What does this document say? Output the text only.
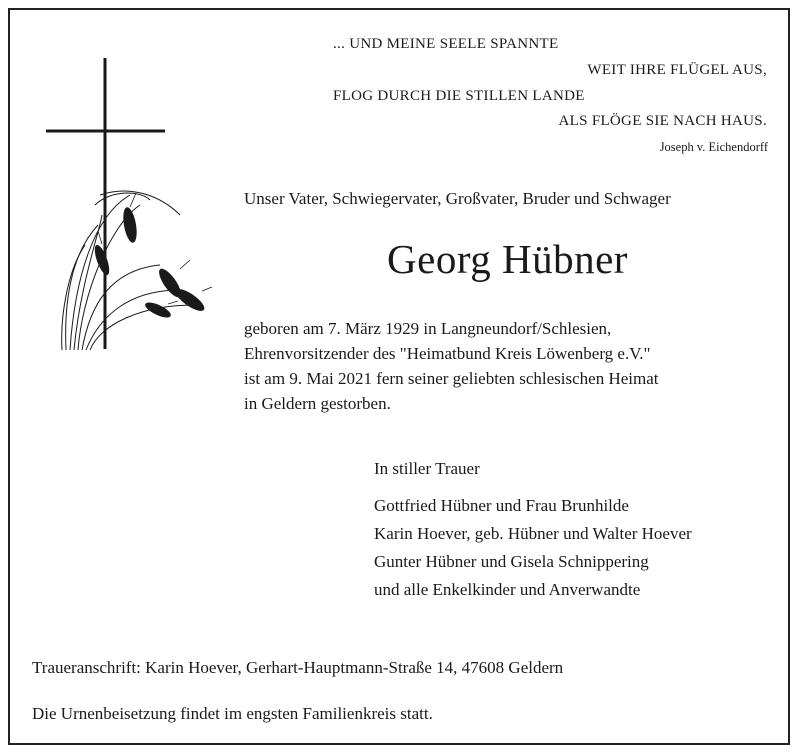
... UND MEINE SEELE SPANNTE
WEIT IHRE FLÜGEL AUS,
FLOG DURCH DIE STILLEN LANDE
ALS FLÖGE SIE NACH HAUS.
Joseph v. Eichendorff
Unser Vater, Schwiegervater, Großvater, Bruder und Schwager
Georg Hübner
geboren am 7. März 1929 in Langneundorf/Schlesien,
Ehrenvorsitzender des "Heimatbund Kreis Löwenberg e.V."
ist am 9. Mai 2021 fern seiner geliebten schlesischen Heimat
in Geldern gestorben.
In stiller Trauer
Gottfried Hübner und Frau Brunhilde
Karin Hoever, geb. Hübner und Walter Hoever
Gunter Hübner und Gisela Schnippering
und alle Enkelkinder und Anverwandte
Traueranschrift: Karin Hoever, Gerhart-Hauptmann-Straße 14, 47608 Geldern
Die Urnenbeisetzung findet im engsten Familienkreis statt.
